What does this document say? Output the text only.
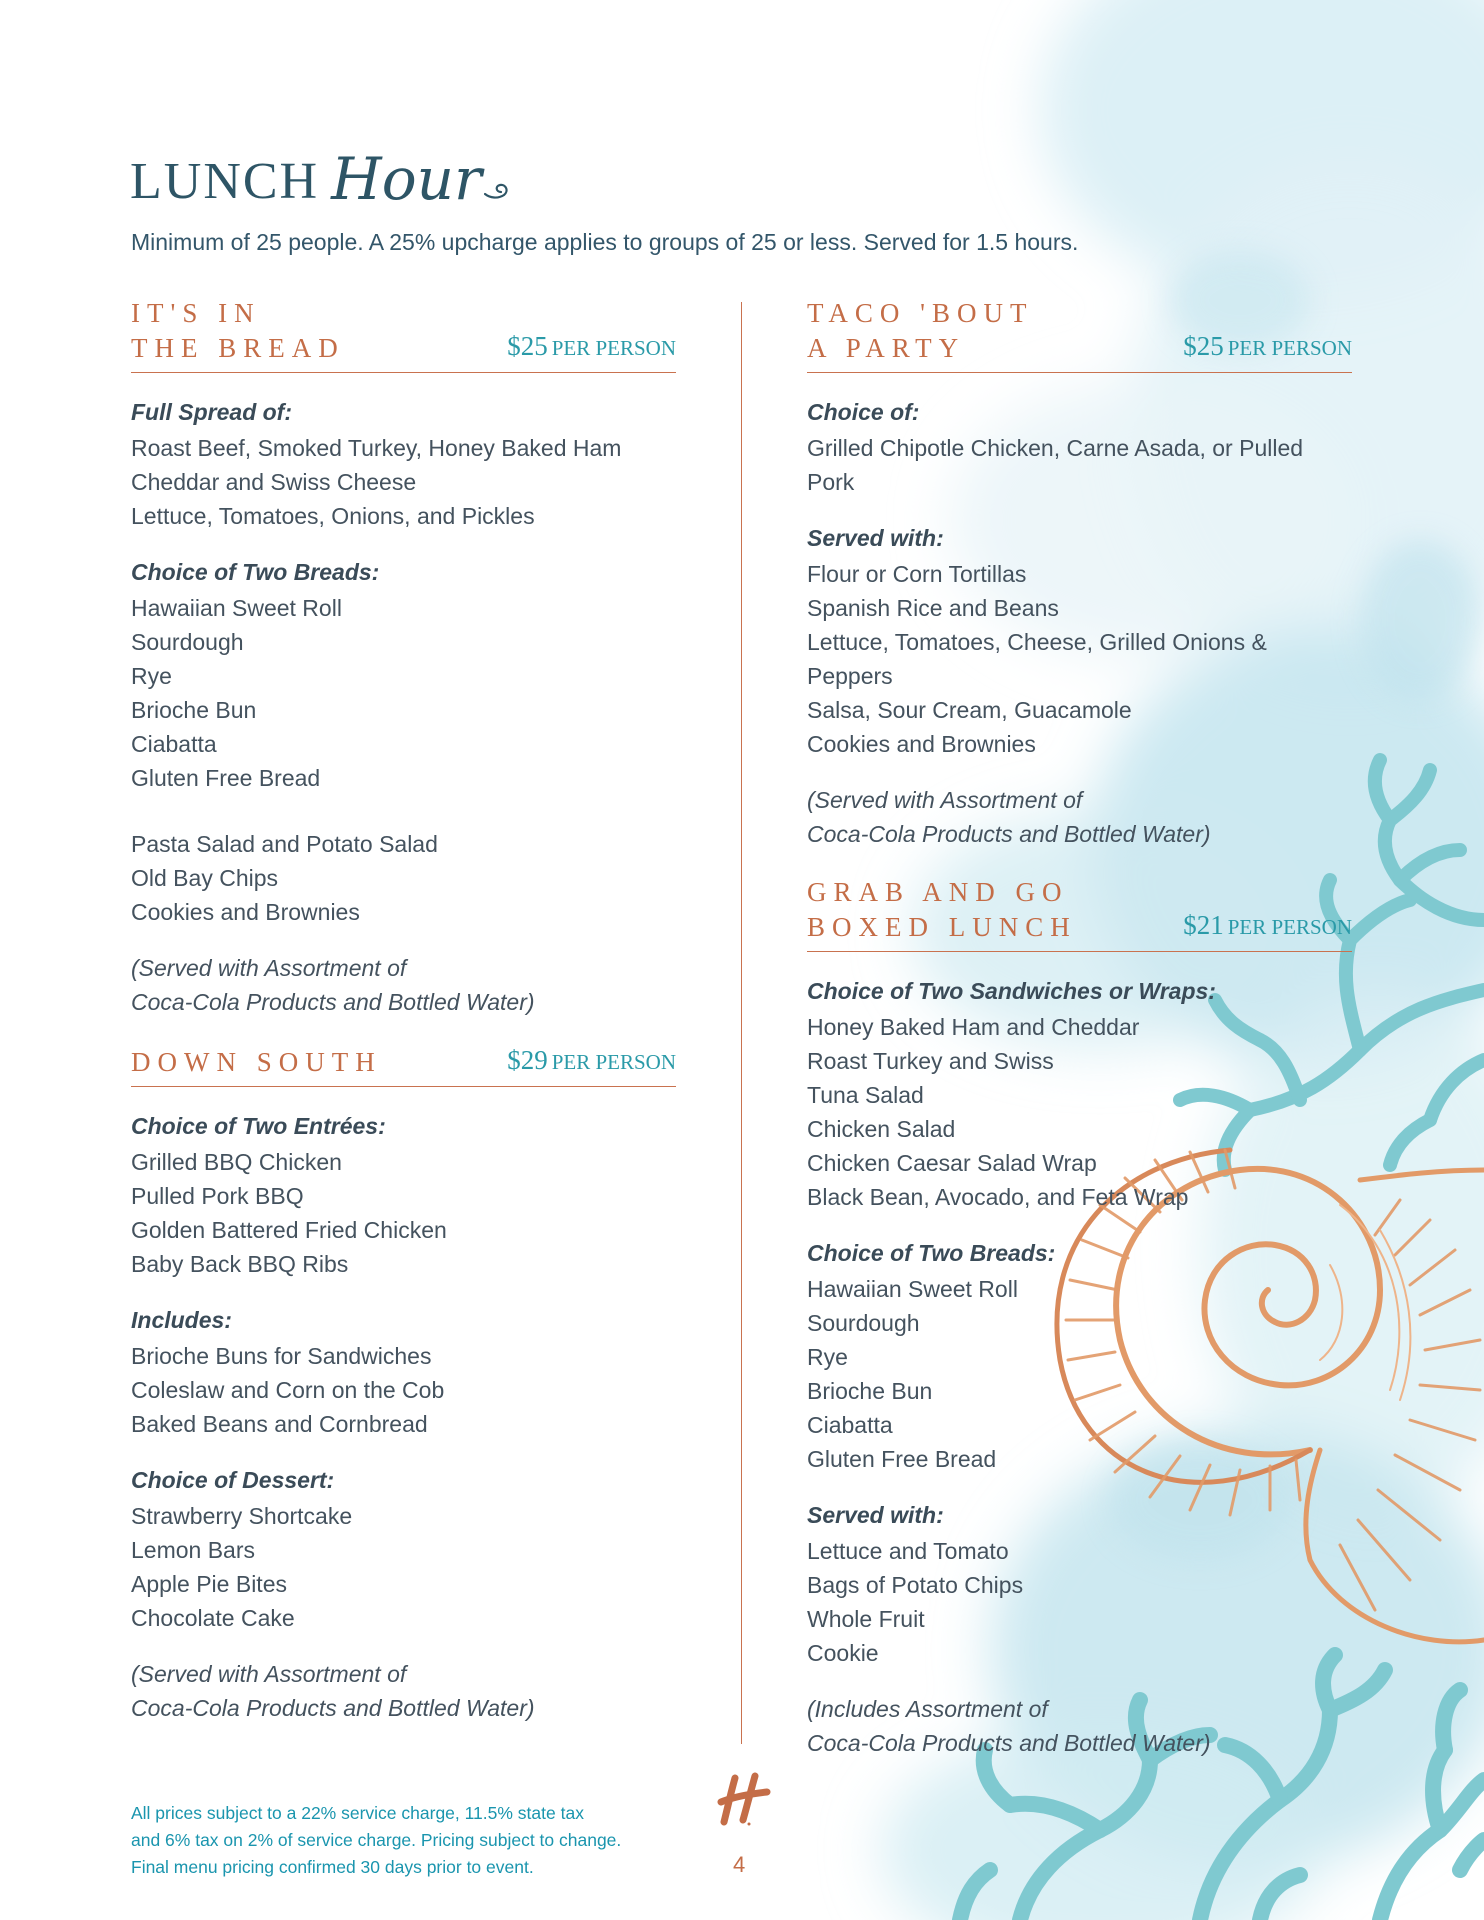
LUNCH Hour
Minimum of 25 people. A 25% upcharge applies to groups of 25 or less. Served for 1.5 hours.
IT'S IN
THE BREAD	$25 PER PERSON
Full Spread of:
Roast Beef, Smoked Turkey, Honey Baked Ham
Cheddar and Swiss Cheese
Lettuce, Tomatoes, Onions, and Pickles
Choice of Two Breads:
Hawaiian Sweet Roll
Sourdough
Rye
Brioche Bun
Ciabatta
Gluten Free Bread
Pasta Salad and Potato Salad
Old Bay Chips
Cookies and Brownies
(Served with Assortment of
Coca-Cola Products and Bottled Water)
DOWN SOUTH	$29 PER PERSON
Choice of Two Entrées:
Grilled BBQ Chicken
Pulled Pork BBQ
Golden Battered Fried Chicken
Baby Back BBQ Ribs
Includes:
Brioche Buns for Sandwiches
Coleslaw and Corn on the Cob
Baked Beans and Cornbread
Choice of Dessert:
Strawberry Shortcake
Lemon Bars
Apple Pie Bites
Chocolate Cake
(Served with Assortment of
Coca-Cola Products and Bottled Water)
TACO 'BOUT
A PARTY	$25 PER PERSON
Choice of:
Grilled Chipotle Chicken, Carne Asada, or Pulled Pork
Served with:
Flour or Corn Tortillas
Spanish Rice and Beans
Lettuce, Tomatoes, Cheese, Grilled Onions & Peppers
Salsa, Sour Cream, Guacamole
Cookies and Brownies
(Served with Assortment of
Coca-Cola Products and Bottled Water)
GRAB AND GO
BOXED LUNCH	$21 PER PERSON
Choice of Two Sandwiches or Wraps:
Honey Baked Ham and Cheddar
Roast Turkey and Swiss
Tuna Salad
Chicken Salad
Chicken Caesar Salad Wrap
Black Bean, Avocado, and Feta Wrap
Choice of Two Breads:
Hawaiian Sweet Roll
Sourdough
Rye
Brioche Bun
Ciabatta
Gluten Free Bread
Served with:
Lettuce and Tomato
Bags of Potato Chips
Whole Fruit
Cookie
(Includes Assortment of
Coca-Cola Products and Bottled Water)
All prices subject to a 22% service charge, 11.5% state tax
and 6% tax on 2% of service charge. Pricing subject to change.
Final menu pricing confirmed 30 days prior to event.	4
